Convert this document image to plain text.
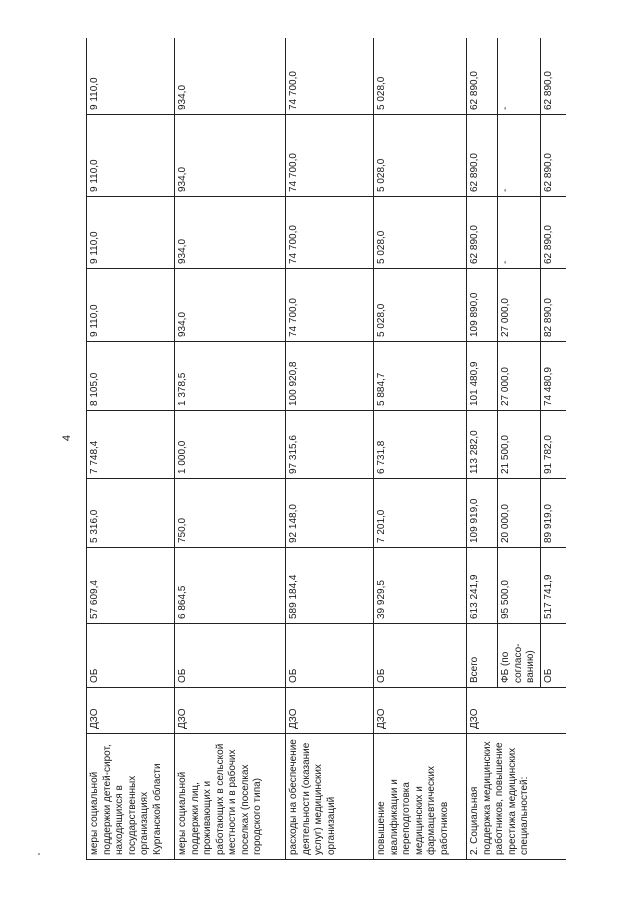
4
меры социальной поддержки детей-сирот, находящихся в государственных организациях Курганской области	ДЗО	ОБ	57 609,4	5 316,0	7 748,4	8 105,0	9 110,0	9 110,0	9 110,0	9 110,0
меры социальной поддержки лиц, проживающих и работающих в сельской местности и в рабочих поселках (поселках городского типа)	ДЗО	ОБ	6 864,5	750,0	1 000,0	1 378,5	934,0	934,0	934,0	934,0
расходы на обеспечение деятельности (оказание услуг) медицинских организаций	ДЗО	ОБ	589 184,4	92 148,0	97 315,6	100 920,8	74 700,0	74 700,0	74 700,0	74 700,0
повышение квалификации и переподготовка медицинских и фармацевтических работников	ДЗО	ОБ	39 929,5	7 201,0	6 731,8	5 884,7	5 028,0	5 028,0	5 028,0	5 028,0
2. Социальная поддержка медицинских работников, повышение престижа медицинских специальностей:	ДЗО	Всего	613 241,9	109 919,0	113 282,0	101 480,9	109 890,0	62 890,0	62 890,0	62 890,0
		ФБ (по согласо-ванию)	95 500,0	20 000,0	21 500,0	27 000,0	27 000,0	-	-	-
		ОБ	517 741,9	89 919,0	91 782,0	74 480,9	82 890,0	62 890,0	62 890,0	62 890,0
